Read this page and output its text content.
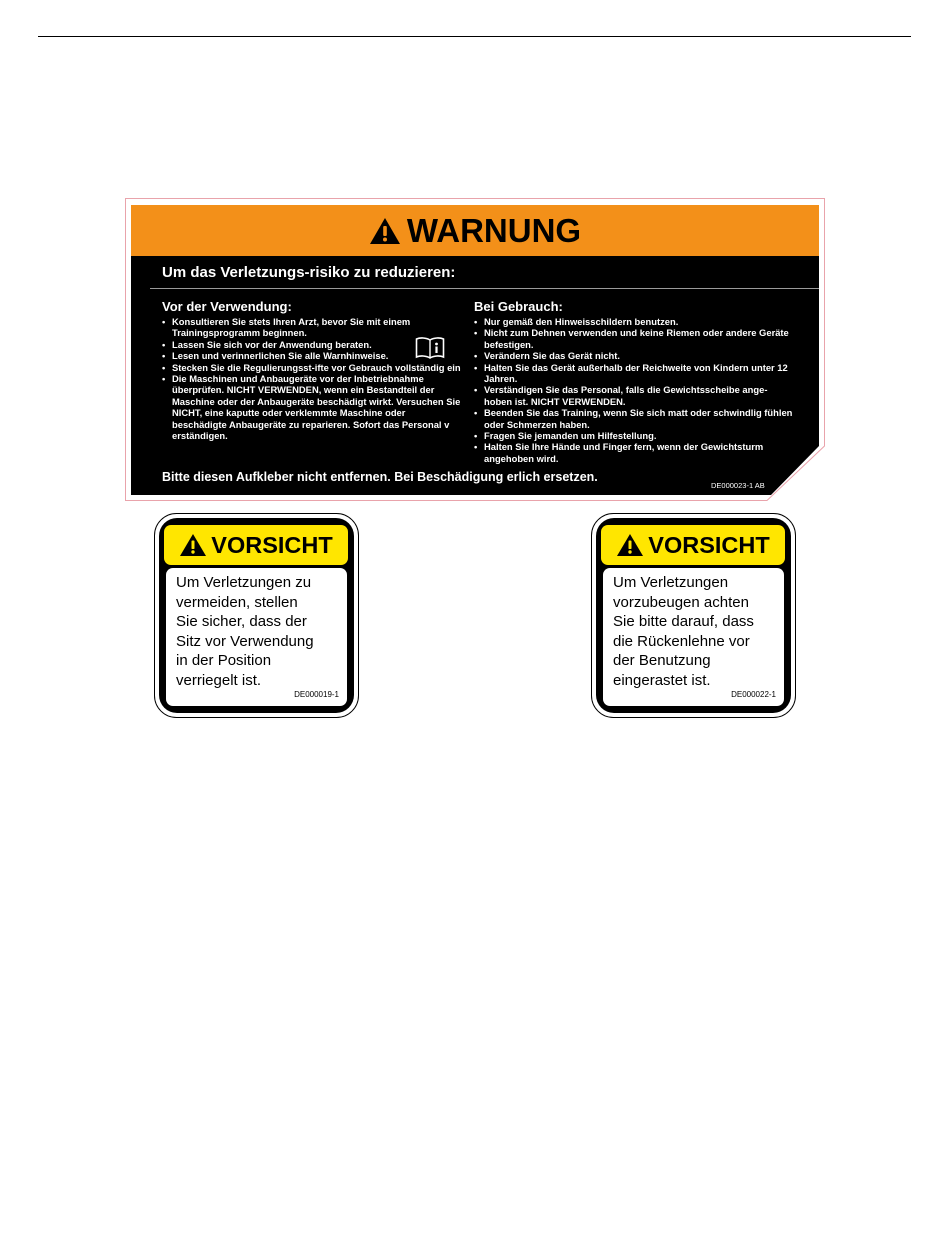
WARNUNG
Um das Verletzungs-risiko zu reduzieren:
Vor der Verwendung:
• Konsultieren Sie stets Ihren Arzt, bevor Sie mit einem Trainingsprogramm beginnen.
• Lassen Sie sich vor der Anwendung beraten.
• Lesen und verinnerlichen Sie alle Warnhinweise.
• Stecken Sie die Regulierungsst-ifte vor Gebrauch vollständig ein
• Die Maschinen und Anbaugeräte vor der Inbetriebnahme überprüfen. NICHT VERWENDEN, wenn ein Bestandteil der Maschine oder der Anbaugeräte beschädigt wirkt. Versuchen Sie NICHT, eine kaputte oder verklemmte Maschine oder beschädigte Anbaugeräte zu reparieren. Sofort das Personal v erständigen.
Bei Gebrauch:
• Nur gemäß den Hinweisschildern benutzen.
• Nicht zum Dehnen verwenden und keine Riemen oder andere Geräte befestigen.
• Verändern Sie das Gerät nicht.
• Halten Sie das Gerät außerhalb der Reichweite von Kindern unter 12 Jahren.
• Verständigen Sie das Personal, falls die Gewichtsscheibe ange-hoben ist. NICHT VERWENDEN.
• Beenden Sie das Training, wenn Sie sich matt oder schwindlig fühlen oder Schmerzen haben.
• Fragen Sie jemanden um Hilfestellung.
• Halten Sie Ihre Hände und Finger fern, wenn der Gewichtsturm angehoben wird.
Bitte diesen Aufkleber nicht entfernen. Bei Beschädigung erlich ersetzen.
DE000023-1 AB
VORSICHT
Um Verletzungen zu
vermeiden, stellen
Sie sicher, dass der
Sitz vor Verwendung
in der Position
verriegelt ist.
DE000019-1
VORSICHT
Um Verletzungen
vorzubeugen achten
Sie bitte darauf, dass
die Rückenlehne vor
der Benutzung
eingerastet ist.
DE000022-1
